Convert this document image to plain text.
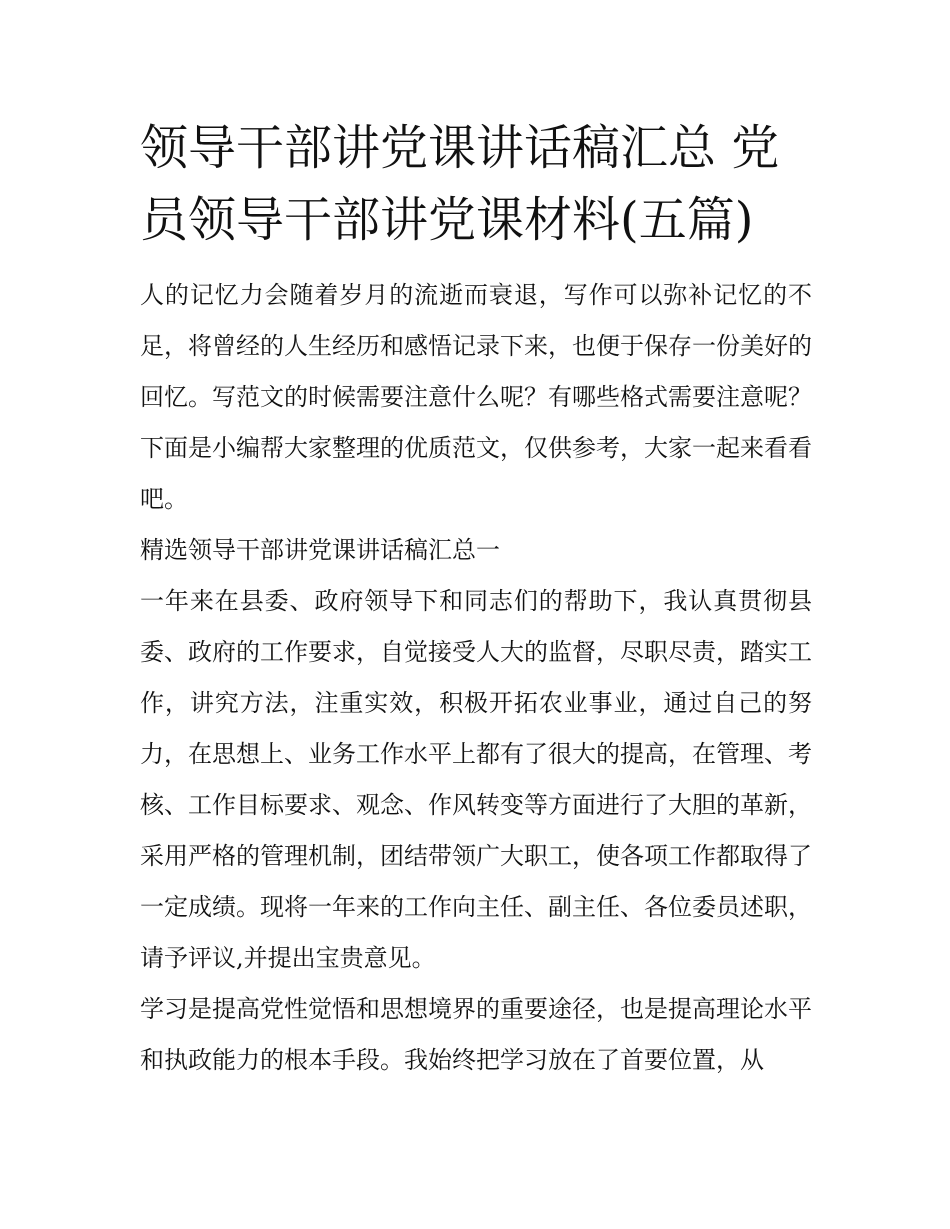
领导干部讲党课讲话稿汇总 党员领导干部讲党课材料(五篇)

人的记忆力会随着岁月的流逝而衰退，写作可以弥补记忆的不足，将曾经的人生经历和感悟记录下来，也便于保存一份美好的回忆。写范文的时候需要注意什么呢？有哪些格式需要注意呢？下面是小编帮大家整理的优质范文，仅供参考，大家一起来看看吧。

精选领导干部讲党课讲话稿汇总一

一年来在县委、政府领导下和同志们的帮助下，我认真贯彻县委、政府的工作要求，自觉接受人大的监督，尽职尽责，踏实工作，讲究方法，注重实效，积极开拓农业事业，通过自己的努力，在思想上、业务工作水平上都有了很大的提高，在管理、考核、工作目标要求、观念、作风转变等方面进行了大胆的革新，采用严格的管理机制，团结带领广大职工，使各项工作都取得了一定成绩。现将一年来的工作向主任、副主任、各位委员述职，请予评议,并提出宝贵意见。

学习是提高党性觉悟和思想境界的重要途径，也是提高理论水平和执政能力的根本手段。我始终把学习放在了首要位置，从
